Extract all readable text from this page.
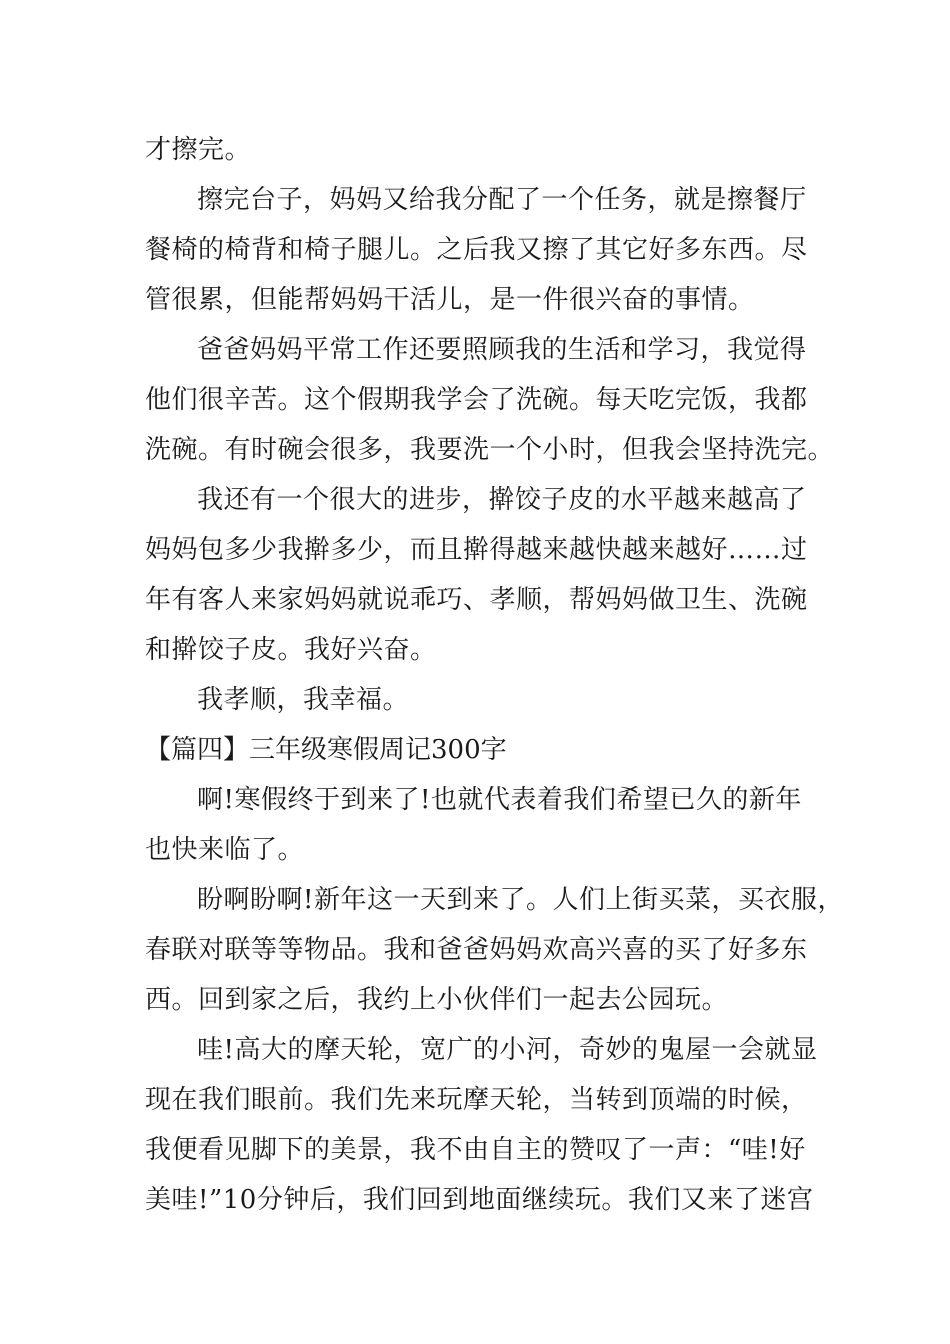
才擦完。
擦完台子，妈妈又给我分配了一个任务，就是擦餐厅
餐椅的椅背和椅子腿儿。之后我又擦了其它好多东西。尽
管很累，但能帮妈妈干活儿，是一件很兴奋的事情。
爸爸妈妈平常工作还要照顾我的生活和学习，我觉得
他们很辛苦。这个假期我学会了洗碗。每天吃完饭，我都
洗碗。有时碗会很多，我要洗一个小时，但我会坚持洗完。
我还有一个很大的进步，擀饺子皮的水平越来越高了
妈妈包多少我擀多少，而且擀得越来越快越来越好……过
年有客人来家妈妈就说乖巧、孝顺，帮妈妈做卫生、洗碗
和擀饺子皮。我好兴奋。
我孝顺，我幸福。
【篇四】三年级寒假周记300字
啊!寒假终于到来了!也就代表着我们希望已久的新年
也快来临了。
盼啊盼啊!新年这一天到来了。人们上街买菜，买衣服，
春联对联等等物品。我和爸爸妈妈欢高兴喜的买了好多东
西。回到家之后，我约上小伙伴们一起去公园玩。
哇!高大的摩天轮，宽广的小河，奇妙的鬼屋一会就显
现在我们眼前。我们先来玩摩天轮，当转到顶端的时候，
我便看见脚下的美景，我不由自主的赞叹了一声：“哇!好
美哇!”10分钟后，我们回到地面继续玩。我们又来了迷宫
